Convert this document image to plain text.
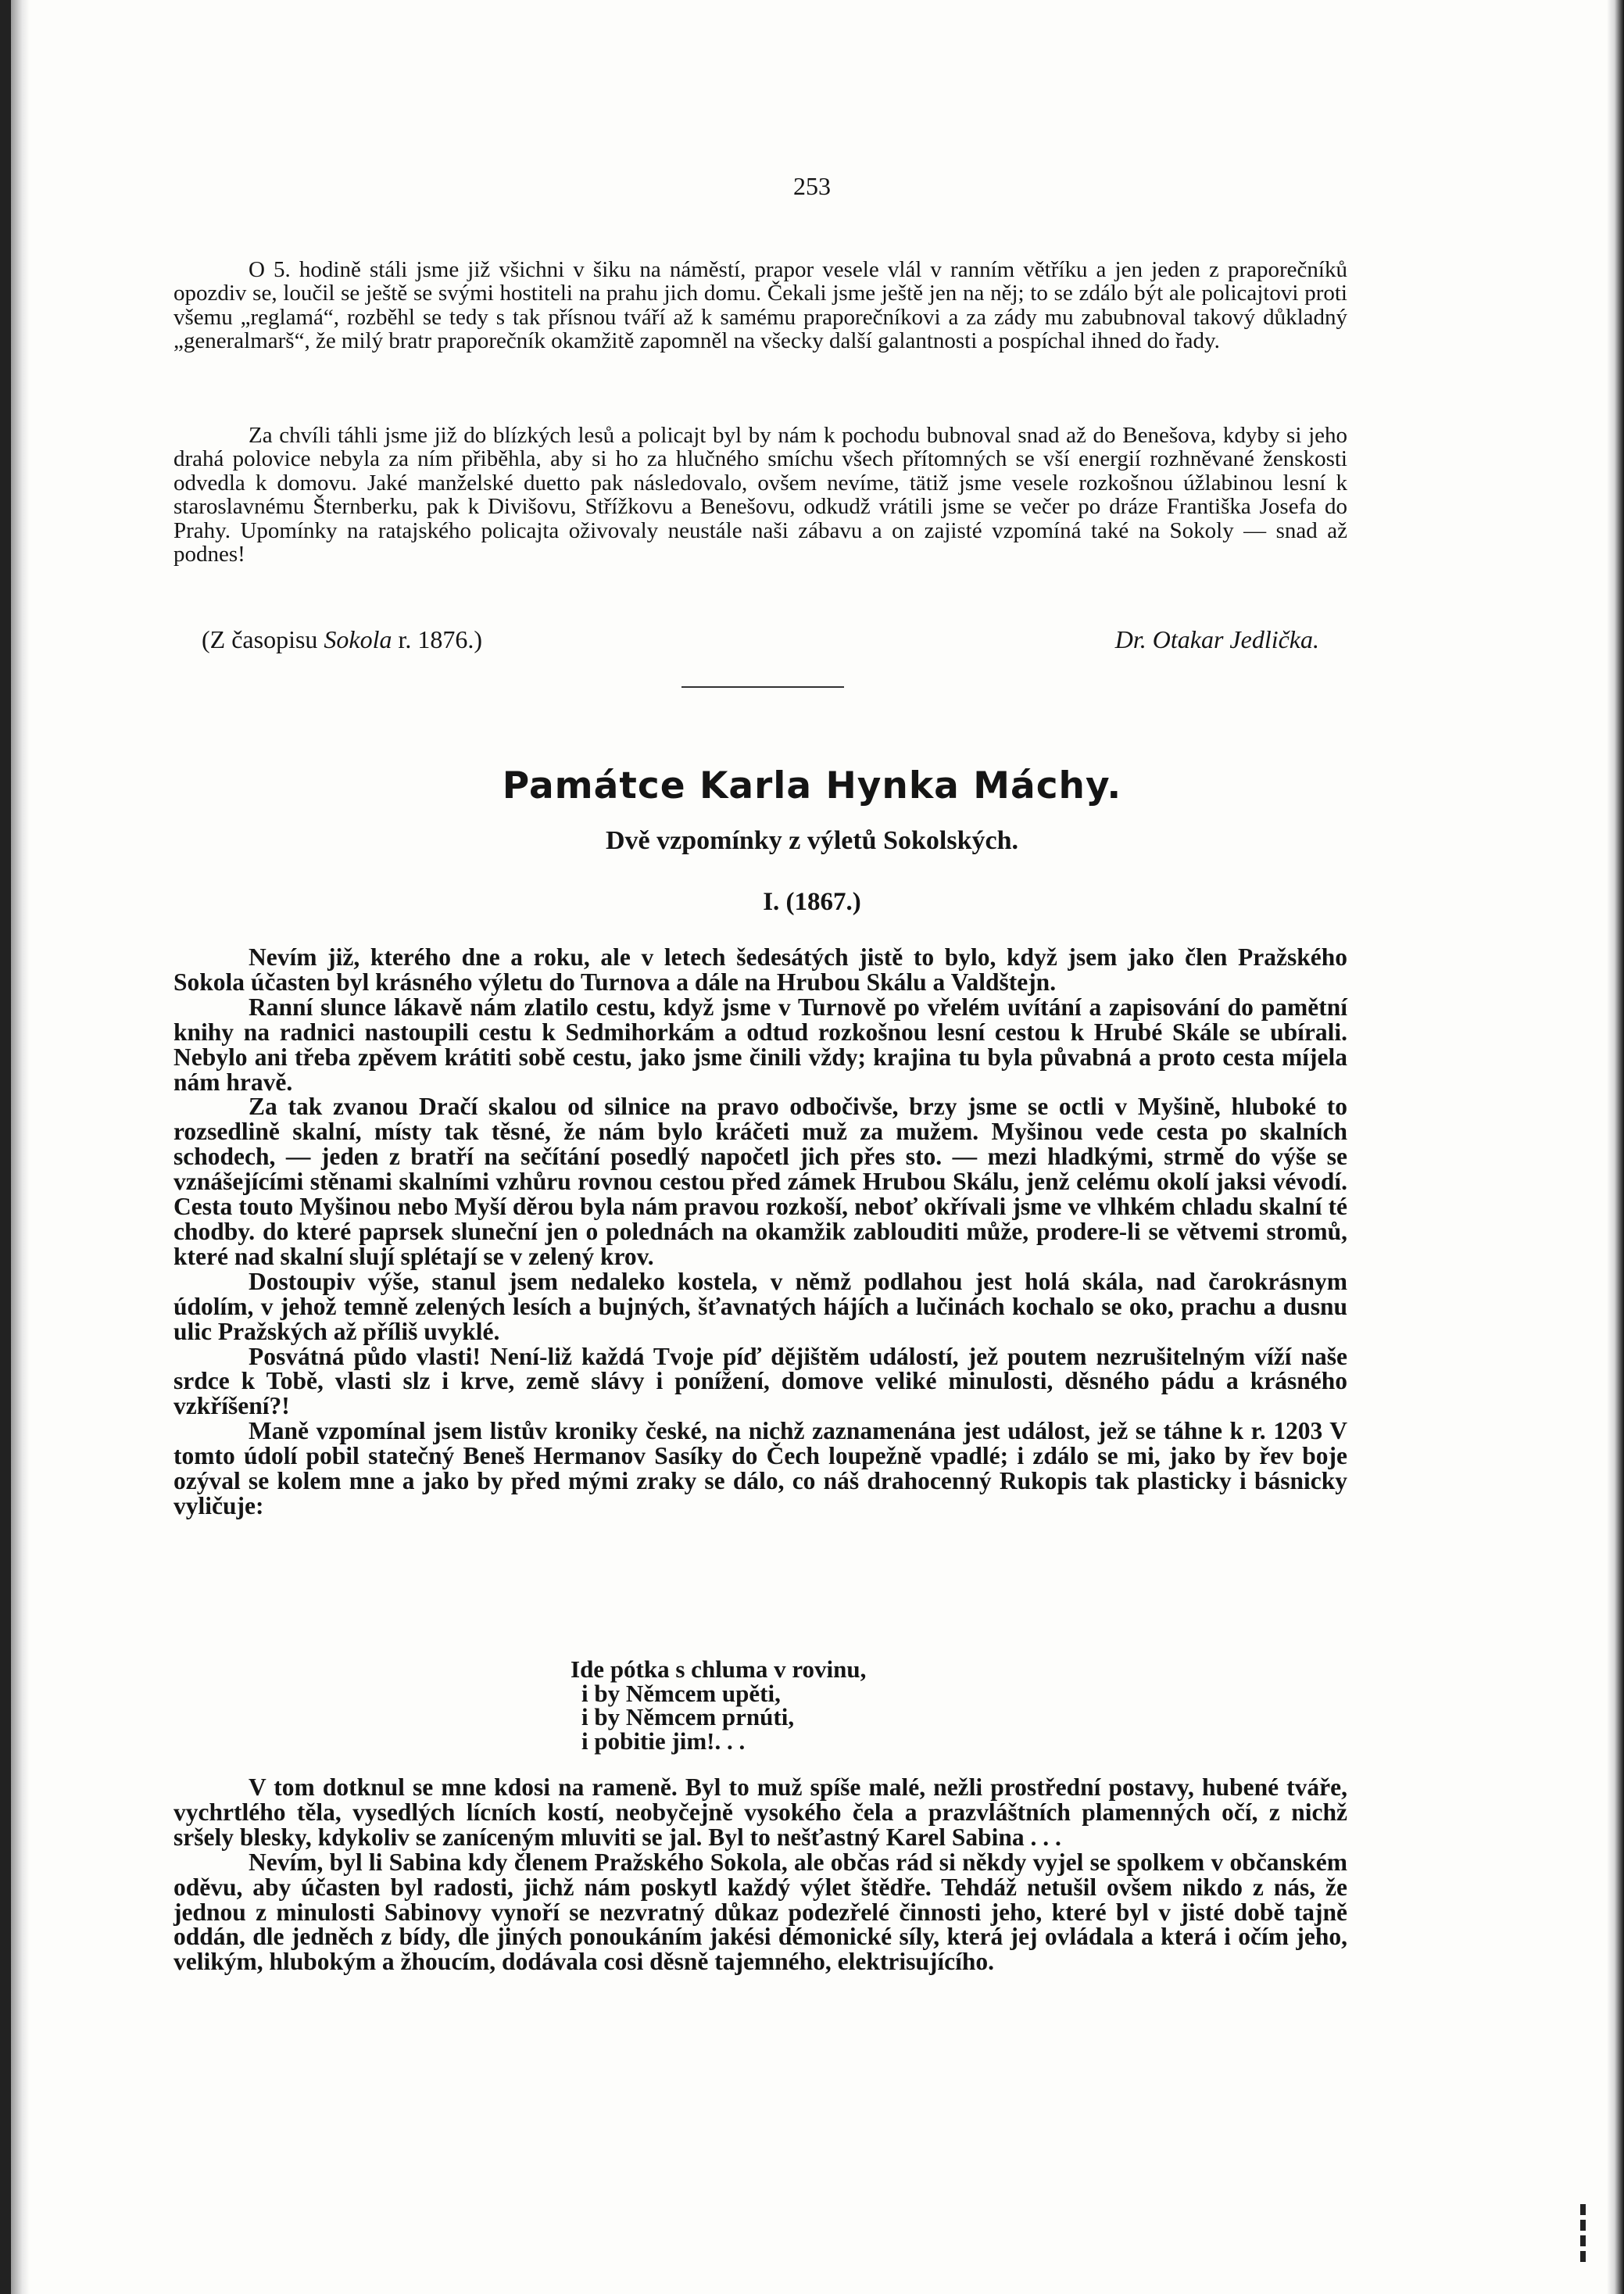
253

O 5. hodině stáli jsme již všichni v šiku na náměstí, prapor vesele vlál v ranním větříku a jen jeden z praporečníků opozdiv se, loučil se ještě se svými hostiteli na prahu jich domu. Čekali jsme ještě jen na něj; to se zdálo být ale policajtovi proti všemu „reglamá“, rozběhl se tedy s tak přísnou tváří až k samému praporečníkovi a za zády mu zabubnoval takový důkladný „generalmarš“, že milý bratr praporečník okamžitě zapomněl na všecky další galantnosti a pospíchal ihned do řady.

Za chvíli táhli jsme již do blízkých lesů a policajt byl by nám k pochodu bubnoval snad až do Benešova, kdyby si jeho drahá polovice nebyla za ním přiběhla, aby si ho za hlučného smíchu všech přítomných se vší energií rozhněvané ženskosti odvedla k domovu. Jaké manželské duetto pak následovalo, ovšem nevíme, tätiž jsme vesele rozkošnou úžlabinou lesní k staroslavnému Šternberku, pak k Divišovu, Střížkovu a Benešovu, odkudž vrátili jsme se večer po dráze Františka Josefa do Prahy. Upomínky na ratajského policajta oživovaly neustále naši zábavu a on zajisté vzpomíná také na Sokoly — snad až podnes!

(Z časopisu Sokola r. 1876.)	Dr. Otakar Jedlička.
Památce Karla Hynka Máchy.
Dvě vzpomínky z výletů Sokolských.
I. (1867.)

Nevím již, kterého dne a roku, ale v letech šedesátých jistě to bylo, když jsem jako člen Pražského Sokola účasten byl krásného výletu do Turnova a dále na Hrubou Skálu a Valdštejn.

Ranní slunce lákavě nám zlatilo cestu, když jsme v Turnově po vřelém uvítání a zapisování do pamětní knihy na radnici nastoupili cestu k Sedmihorkám a odtud rozkošnou lesní cestou k Hrubé Skále se ubírali. Nebylo ani třeba zpěvem krátiti sobě cestu, jako jsme činili vždy; krajina tu byla půvabná a proto cesta míjela nám hravě.

Za tak zvanou Dračí skalou od silnice na pravo odbočivše, brzy jsme se octli v Myšině, hluboké to rozsedlině skalní, místy tak těsné, že nám bylo kráčeti muž za mužem. Myšinou vede cesta po skalních schodech, — jeden z bratří na sečítání posedlý napočetl jich přes sto. — mezi hladkými, strmě do výše se vznášejícími stěnami skalními vzhůru rovnou cestou před zámek Hrubou Skálu, jenž celému okolí jaksi vévodí. Cesta touto Myšinou nebo Myší děrou byla nám pravou rozkoší, neboť okřívali jsme ve vlhkém chladu skalní té chodby. do které paprsek sluneční jen o polednách na okamžik zablouditi může, prodere-li se větvemi stromů, které nad skalní slují splétají se v zelený krov.

Dostoupiv výše, stanul jsem nedaleko kostela, v němž podlahou jest holá skála, nad čarokrásnym údolím, v jehož temně zelených lesích a bujných, šťavnatých hájích a lučinách kochalo se oko, prachu a dusnu ulic Pražských až příliš uvyklé.

Posvátná půdo vlasti! Není-liž každá Tvoje píď dějištěm událostí, jež poutem nezrušitelným víží naše srdce k Tobě, vlasti slz i krve, země slávy i ponížení, domove veliké minulosti, děsného pádu a krásného vzkříšení?!

Maně vzpomínal jsem listův kroniky české, na nichž zaznamenána jest událost, jež se táhne k r. 1203 V tomto údolí pobil statečný Beneš Hermanov Sasíky do Čech loupežně vpadlé; i zdálo se mi, jako by řev boje ozýval se kolem mne a jako by před mými zraky se dálo, co náš drahocenný Rukopis tak plasticky i básnicky vyličuje:

Ide pótka s chluma v rovinu,
i by Němcem upěti,
i by Němcem prnúti,
i pobitie jim!. . .

V tom dotknul se mne kdosi na rameně. Byl to muž spíše malé, nežli prostřední postavy, hubené tváře, vychrtlého těla, vysedlých lícních kostí, neobyčejně vysokého čela a prazvláštních plamenných očí, z nichž sršely blesky, kdykoliv se zaníceným mluviti se jal. Byl to nešťastný Karel Sabina . . .

Nevím, byl li Sabina kdy členem Pražského Sokola, ale občas rád si někdy vyjel se spolkem v občanském oděvu, aby účasten byl radosti, jichž nám poskytl každý výlet štědře. Tehdáž netušil ovšem nikdo z nás, že jednou z minulosti Sabinovy vynoří se nezvratný důkaz podezřelé činnosti jeho, které byl v jisté době tajně oddán, dle jedněch z bídy, dle jiných ponoukáním jakési démonické síly, která jej ovládala a která i očím jeho, velikým, hlubokým a žhoucím, dodávala cosi děsně tajemného, elektrisujícího.
